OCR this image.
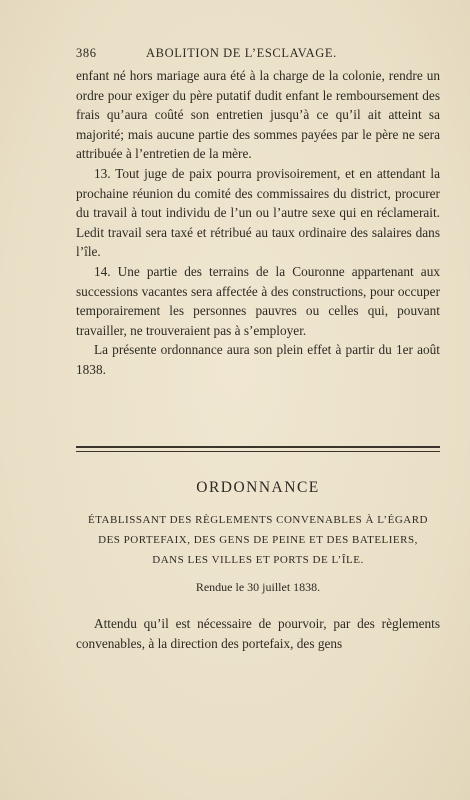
386	ABOLITION DE L’ESCLAVAGE.

enfant né hors mariage aura été à la charge de la colonie, rendre un ordre pour exiger du père putatif dudit enfant le remboursement des frais qu’aura coûté son entretien jusqu’à ce qu’il ait atteint sa majorité; mais aucune partie des sommes payées par le père ne sera attribuée à l’entretien de la mère.

13. Tout juge de paix pourra provisoirement, et en attendant la prochaine réunion du comité des commissaires du district, procurer du travail à tout individu de l’un ou l’autre sexe qui en réclamerait. Ledit travail sera taxé et rétribué au taux ordinaire des salaires dans l’île.

14. Une partie des terrains de la Couronne appartenant aux successions vacantes sera affectée à des constructions, pour occuper temporairement les personnes pauvres ou celles qui, pouvant travailler, ne trouveraient pas à s’employer.

La présente ordonnance aura son plein effet à partir du 1er août 1838.

ORDONNANCE
ÉTABLISSANT DES RÈGLEMENTS CONVENABLES À L’ÉGARD
DES PORTEFAIX, DES GENS DE PEINE ET DES BATELIERS,
DANS LES VILLES ET PORTS DE L’ÎLE.
Rendue le 30 juillet 1838.

Attendu qu’il est nécessaire de pourvoir, par des règlements convenables, à la direction des portefaix, des gens
